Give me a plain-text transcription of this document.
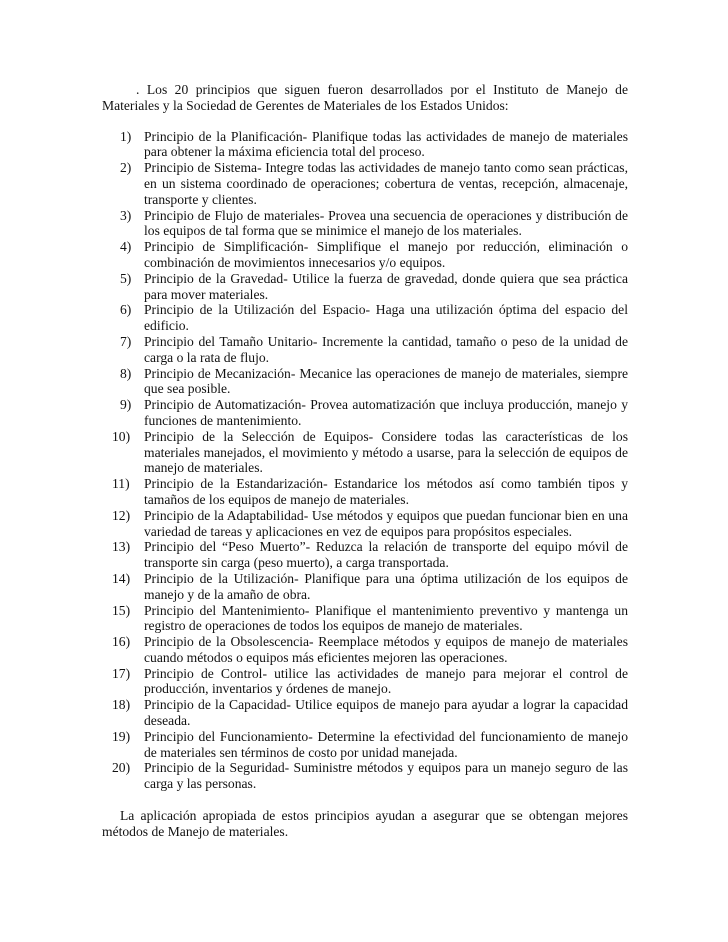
. Los 20 principios que siguen fueron desarrollados por el Instituto de Manejo de Materiales y la Sociedad de Gerentes de Materiales de los Estados Unidos:

1) Principio de la Planificación- Planifique todas las actividades de manejo de materiales para obtener la máxima eficiencia total del proceso.
2) Principio de Sistema- Integre todas las actividades de manejo tanto como sean prácticas, en un sistema coordinado de operaciones; cobertura de ventas, recepción, almacenaje, transporte y clientes.
3) Principio de Flujo de materiales- Provea una secuencia de operaciones y distribución de los equipos de tal forma que se minimice el manejo de los materiales.
4) Principio de Simplificación- Simplifique el manejo por reducción, eliminación o combinación de movimientos innecesarios y/o equipos.
5) Principio de la Gravedad- Utilice la fuerza de gravedad, donde quiera que sea práctica para mover materiales.
6) Principio de la Utilización del Espacio- Haga una utilización óptima del espacio del edificio.
7) Principio del Tamaño Unitario- Incremente la cantidad, tamaño o peso de la unidad de carga o la rata de flujo.
8) Principio de Mecanización- Mecanice las operaciones de manejo de materiales, siempre que sea posible.
9) Principio de Automatización- Provea automatización que incluya producción, manejo y funciones de mantenimiento.
10) Principio de la Selección de Equipos- Considere todas las características de los materiales manejados, el movimiento y método a usarse, para la selección de equipos de manejo de materiales.
11) Principio de la Estandarización- Estandarice los métodos así como también tipos y tamaños de los equipos de manejo de materiales.
12) Principio de la Adaptabilidad- Use métodos y equipos que puedan funcionar bien en una variedad de tareas y aplicaciones en vez de equipos para propósitos especiales.
13) Principio del “Peso Muerto”- Reduzca la relación de transporte del equipo móvil de transporte sin carga (peso muerto), a carga transportada.
14) Principio de la Utilización- Planifique para una óptima utilización de los equipos de manejo y de la amaño de obra.
15) Principio del Mantenimiento- Planifique el mantenimiento preventivo y mantenga un registro de operaciones de todos los equipos de manejo de materiales.
16) Principio de la Obsolescencia- Reemplace métodos y equipos de manejo de materiales cuando métodos o equipos más eficientes mejoren las operaciones.
17) Principio de Control- utilice las actividades de manejo para mejorar el control de producción, inventarios y órdenes de manejo.
18) Principio de la Capacidad- Utilice equipos de manejo para ayudar a lograr la capacidad deseada.
19) Principio del Funcionamiento- Determine la efectividad del funcionamiento de manejo de materiales sen términos de costo por unidad manejada.
20) Principio de la Seguridad- Suministre métodos y equipos para un manejo seguro de las carga y las personas.

La aplicación apropiada de estos principios ayudan a asegurar que se obtengan mejores métodos de Manejo de materiales.
